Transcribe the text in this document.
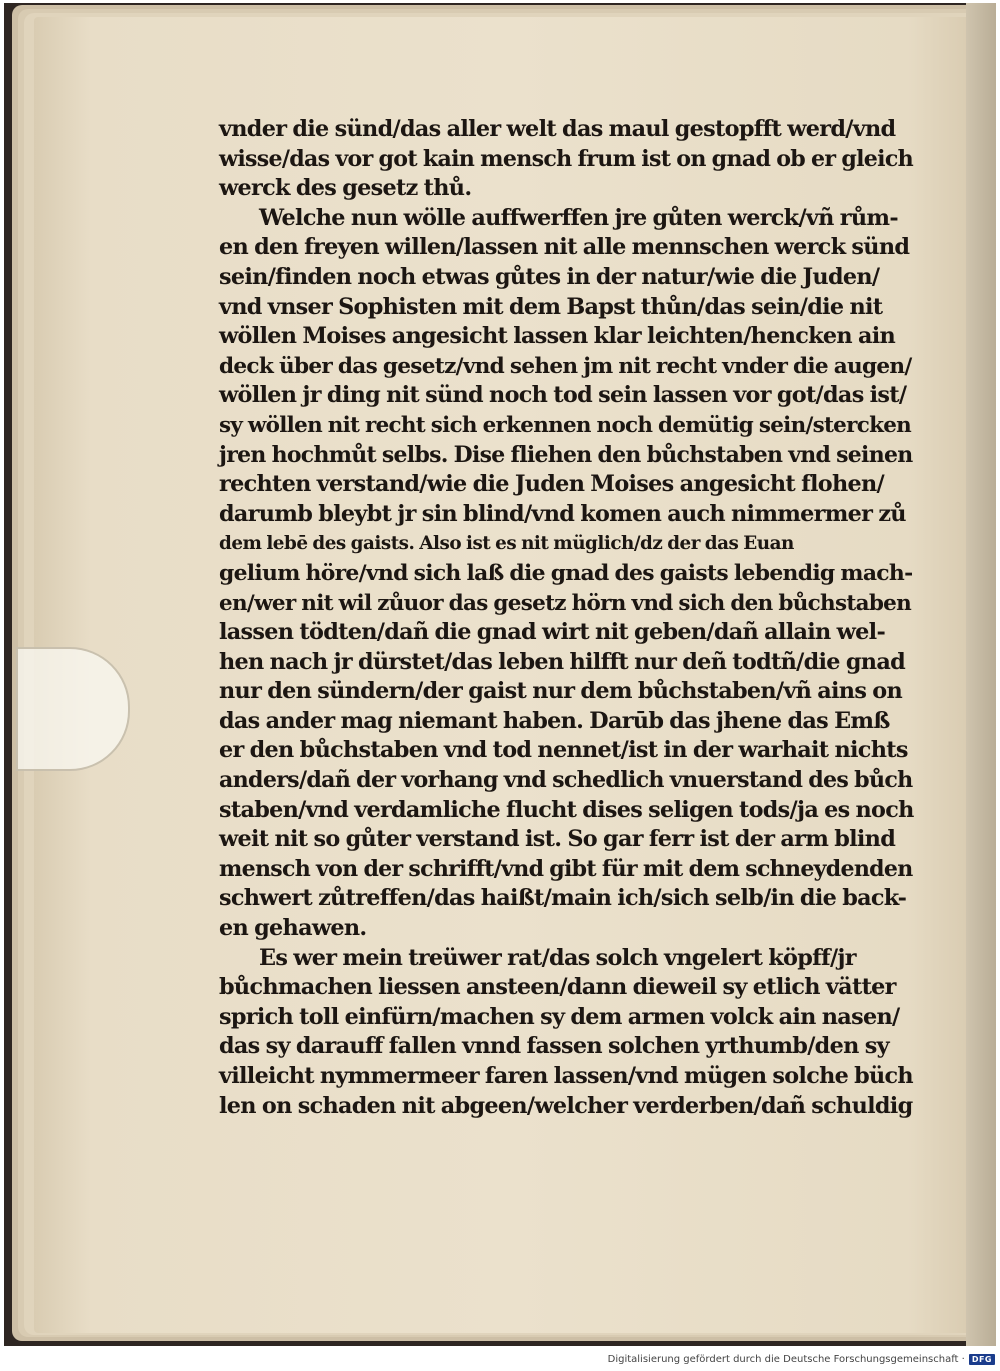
vnder die sünd/das aller welt das maul gestopfft werd/vnd
wisse/das vor got kain mensch frum ist on gnad ob er gleich
werck des gesetz thů.
Welche nun wölle auffwerffen jre gůten werck/vñ rům-
en den freyen willen/lassen nit alle mennschen werck sünd
sein/finden noch etwas gůtes in der natur/wie die Juden/
vnd vnser Sophisten mit dem Bapst thůn/das sein/die nit
wöllen Moises angesicht lassen klar leichten/hencken ain
deck über das gesetz/vnd sehen jm nit recht vnder die augen/
wöllen jr ding nit sünd noch tod sein lassen vor got/das ist/
sy wöllen nit recht sich erkennen noch demütig sein/stercken
jren hochmůt selbs. Dise fliehen den bůchstaben vnd seinen
rechten verstand/wie die Juden Moises angesicht flohen/
darumb bleybt jr sin blind/vnd komen auch nimmermer zů
dem lebē des gaists. Also ist es nit müglich/dz der das Euan
gelium höre/vnd sich laß die gnad des gaists lebendig mach-
en/wer nit wil zůuor das gesetz hörn vnd sich den bůchstaben
lassen tödten/dañ die gnad wirt nit geben/dañ allain wel-
hen nach jr dürstet/das leben hilfft nur deñ todtñ/die gnad
nur den sündern/der gaist nur dem bůchstaben/vñ ains on
das ander mag niemant haben. Darūb das jhene das Emß
er den bůchstaben vnd tod nennet/ist in der warhait nichts
anders/dañ der vorhang vnd schedlich vnuerstand des bůch
staben/vnd verdamliche flucht dises seligen tods/ja es noch
weit nit so gůter verstand ist. So gar ferr ist der arm blind
mensch von der schrifft/vnd gibt für mit dem schneydenden
schwert zůtreffen/das haißt/main ich/sich selb/in die back-
en gehawen.
Es wer mein treüwer rat/das solch vngelert köpff/jr
bůchmachen liessen ansteen/dann dieweil sy etlich vätter
sprich toll einfürn/machen sy dem armen volck ain nasen/
das sy darauff fallen vnnd fassen solchen yrthumb/den sy
villeicht nymmermeer faren lassen/vnd mügen solche büch
len on schaden nit abgeen/welcher verderben/dañ schuldig
Digitalisierung gefördert durch die Deutsche Forschungsgemeinschaft · DFG
